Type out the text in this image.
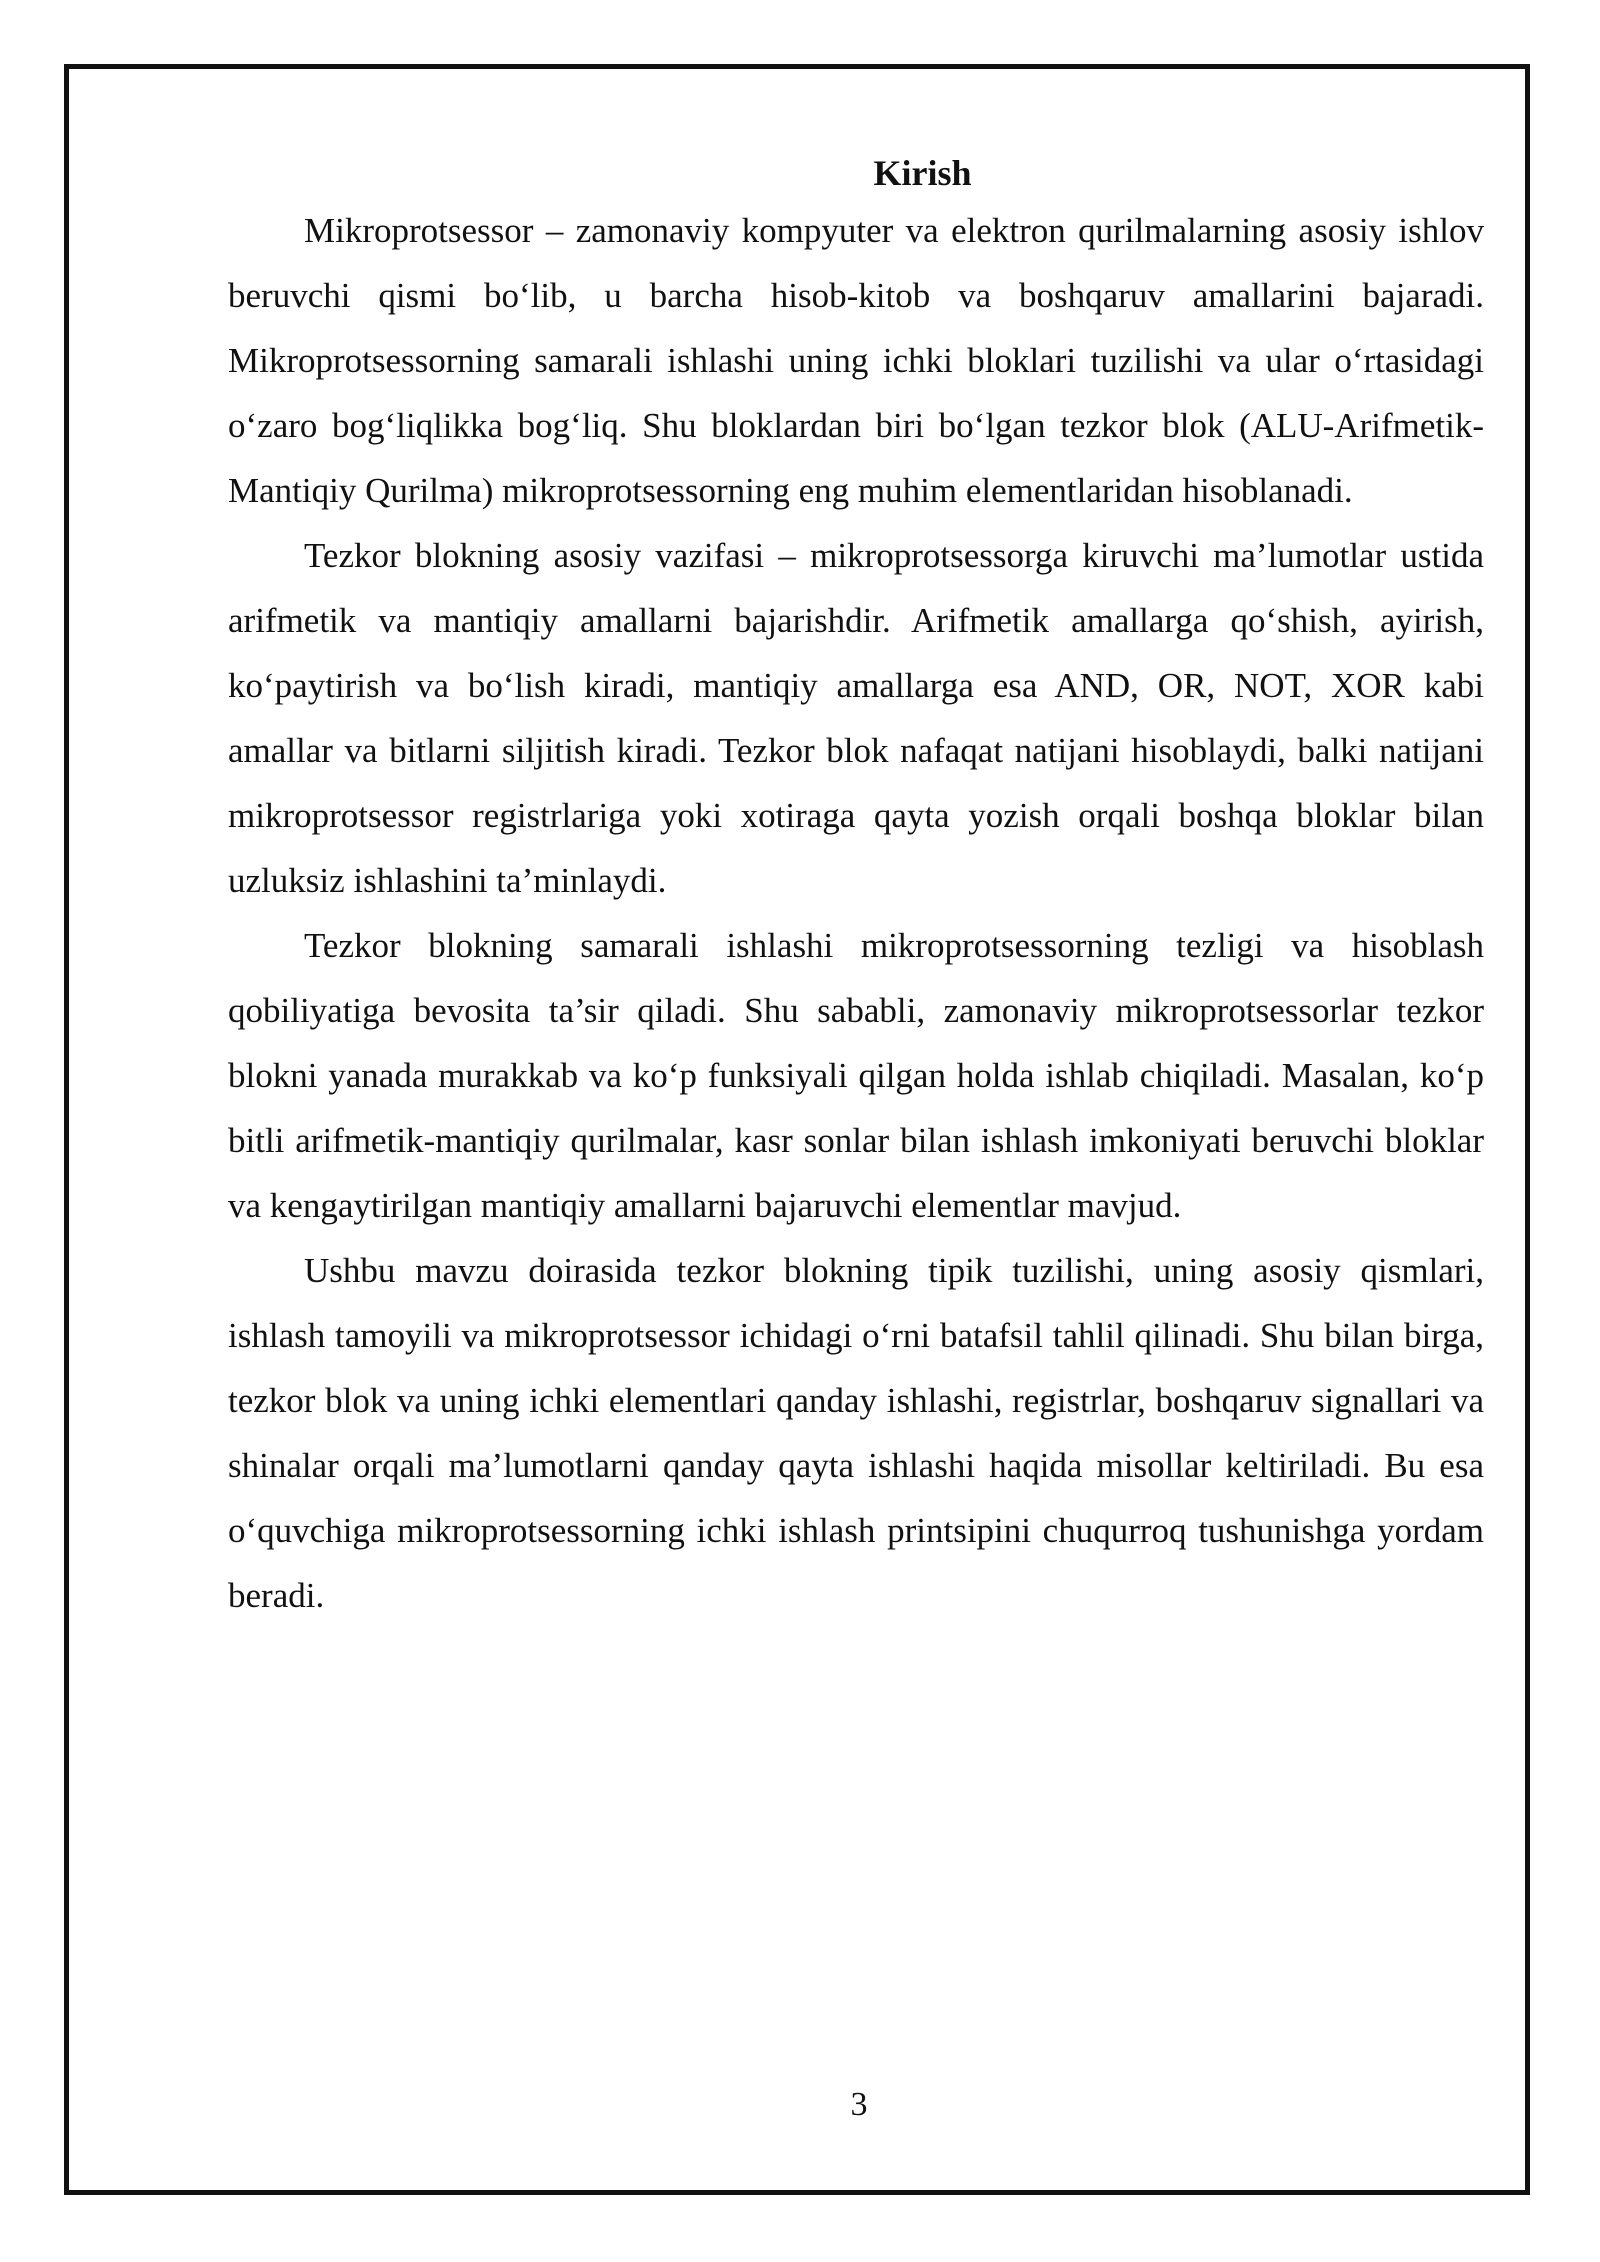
Kirish

Mikroprotsessor – zamonaviy kompyuter va elektron qurilmalarning asosiy ishlov beruvchi qismi bo‘lib, u barcha hisob-kitob va boshqaruv amallarini bajaradi. Mikroprotsessorning samarali ishlashi uning ichki bloklari tuzilishi va ular o‘rtasidagi o‘zaro bog‘liqlikka bog‘liq. Shu bloklardan biri bo‘lgan tezkor blok (ALU-Arifmetik-Mantiqiy Qurilma) mikroprotsessorning eng muhim elementlaridan hisoblanadi.

Tezkor blokning asosiy vazifasi – mikroprotsessorga kiruvchi ma’lumotlar ustida arifmetik va mantiqiy amallarni bajarishdir. Arifmetik amallarga qo‘shish, ayirish, ko‘paytirish va bo‘lish kiradi, mantiqiy amallarga esa AND, OR, NOT, XOR kabi amallar va bitlarni siljitish kiradi. Tezkor blok nafaqat natijani hisoblaydi, balki natijani mikroprotsessor registrlariga yoki xotiraga qayta yozish orqali boshqa bloklar bilan uzluksiz ishlashini ta’minlaydi.

Tezkor blokning samarali ishlashi mikroprotsessorning tezligi va hisoblash qobiliyatiga bevosita ta’sir qiladi. Shu sababli, zamonaviy mikroprotsessorlar tezkor blokni yanada murakkab va ko‘p funksiyali qilgan holda ishlab chiqiladi. Masalan, ko‘p bitli arifmetik-mantiqiy qurilmalar, kasr sonlar bilan ishlash imkoniyati beruvchi bloklar va kengaytirilgan mantiqiy amallarni bajaruvchi elementlar mavjud.

Ushbu mavzu doirasida tezkor blokning tipik tuzilishi, uning asosiy qismlari, ishlash tamoyili va mikroprotsessor ichidagi o‘rni batafsil tahlil qilinadi. Shu bilan birga, tezkor blok va uning ichki elementlari qanday ishlashi, registrlar, boshqaruv signallari va shinalar orqali ma’lumotlarni qanday qayta ishlashi haqida misollar keltiriladi. Bu esa o‘quvchiga mikroprotsessorning ichki ishlash printsipini chuqurroq tushunishga yordam beradi.

3
